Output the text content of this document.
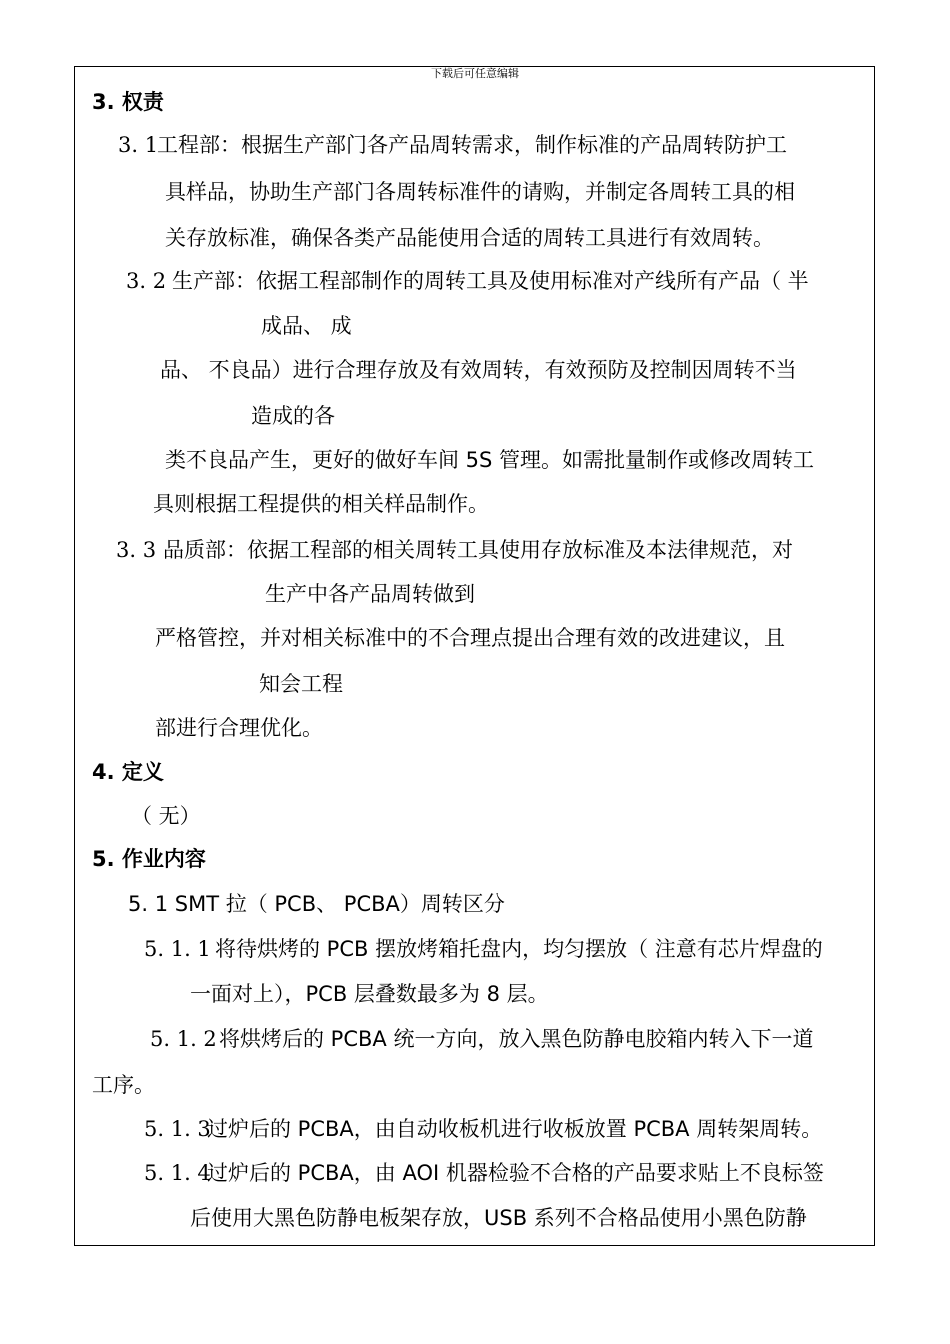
下载后可任意编辑
3. 权责
3. 1
工程部：根据生产部门各产品周转需求，制作标准的产品周转防护工
具样品，协助生产部门各周转标准件的请购，并制定各周转工具的相
关存放标准，确保各类产品能使用合适的周转工具进行有效周转。
3. 2 生产部：依据工程部制作的周转工具及使用标准对产线所有产品（ 半
成品、 成
品、 不良品）进行合理存放及有效周转，有效预防及控制因周转不当
造成的各
类不良品产生，更好的做好车间 5S 管理。如需批量制作或修改周转工
具则根据工程提供的相关样品制作。
3. 3 品质部：依据工程部的相关周转工具使用存放标准及本法律规范，对
生产中各产品周转做到
严格管控，并对相关标准中的不合理点提出合理有效的改进建议，且
知会工程
部进行合理优化。
4. 定义
（ 无）
5. 作业内容
5. 1 SMT 拉（ PCB、 PCBA）周转区分
5. 1. 1 将待烘烤的 PCB 摆放烤箱托盘内，均匀摆放（ 注意有芯片焊盘的
一面对上），PCB 层叠数最多为 8 层。
5. 1. 2 将烘烤后的 PCBA 统一方向，放入黑色防静电胶箱内转入下一道
工序。
5. 1. 3
过炉后的 PCBA，由自动收板机进行收板放置 PCBA 周转架周转。
5. 1. 4
过炉后的 PCBA，由 AOI 机器检验不合格的产品要求贴上不良标签
后使用大黑色防静电板架存放，USB 系列不合格品使用小黑色防静
